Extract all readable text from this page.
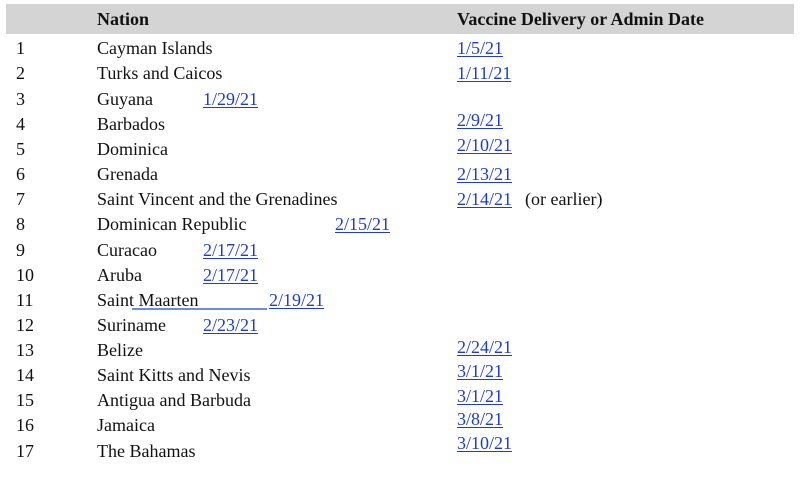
Nation	Vaccine Delivery or Admin Date
1	Cayman Islands	1/5/21
2	Turks and Caicos	1/11/21
3	Guyana	1/29/21
4	Barbados	2/9/21
5	Dominica	2/10/21
6	Grenada	2/13/21
7	Saint Vincent and the Grenadines	2/14/21 (or earlier)
8	Dominican Republic	2/15/21
9	Curacao	2/17/21
10	Aruba	2/17/21
11	Saint Maarten	2/19/21
12	Suriname 2/23/21
13	Belize	2/24/21
14	Saint Kitts and Nevis	3/1/21
15	Antigua and Barbuda	3/1/21
16	Jamaica	3/8/21
17	The Bahamas	3/10/21
